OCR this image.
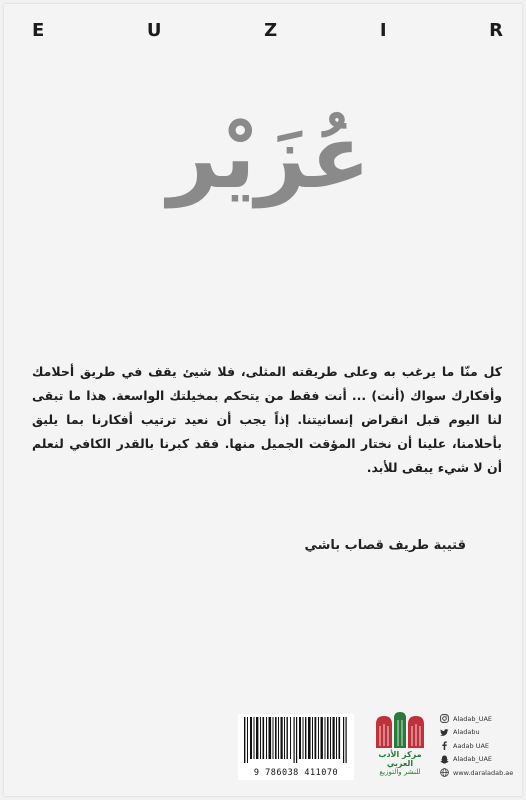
E	U	Z	I	R
عُزَيْر
كل منّا ما يرغب به وعلى طريقته المثلى، فلا شيئ يقف في طريق أحلامك وأفكارك سواك (أنت) ... أنت فقط من يتحكم بمخيلتك الواسعة. هذا ما تبقى لنا اليوم قبل انقراض إنسانيتنا. إذاً يجب أن نعيد ترتيب أفكارنا بما يليق بأحلامنا، علينا أن نختار المؤقت الجميل منها. فقد كبرنا بالقدر الكافي لنعلم أن لا شيء يبقى للأبد.
قتيبة طريف قصاب باشي
9 786038 411070
مركز الأدب العربي
للنشر والتوزيع
Aladab_UAE
Aladabu
Aadab UAE
Aladab_UAE
www.daraladab.ae
